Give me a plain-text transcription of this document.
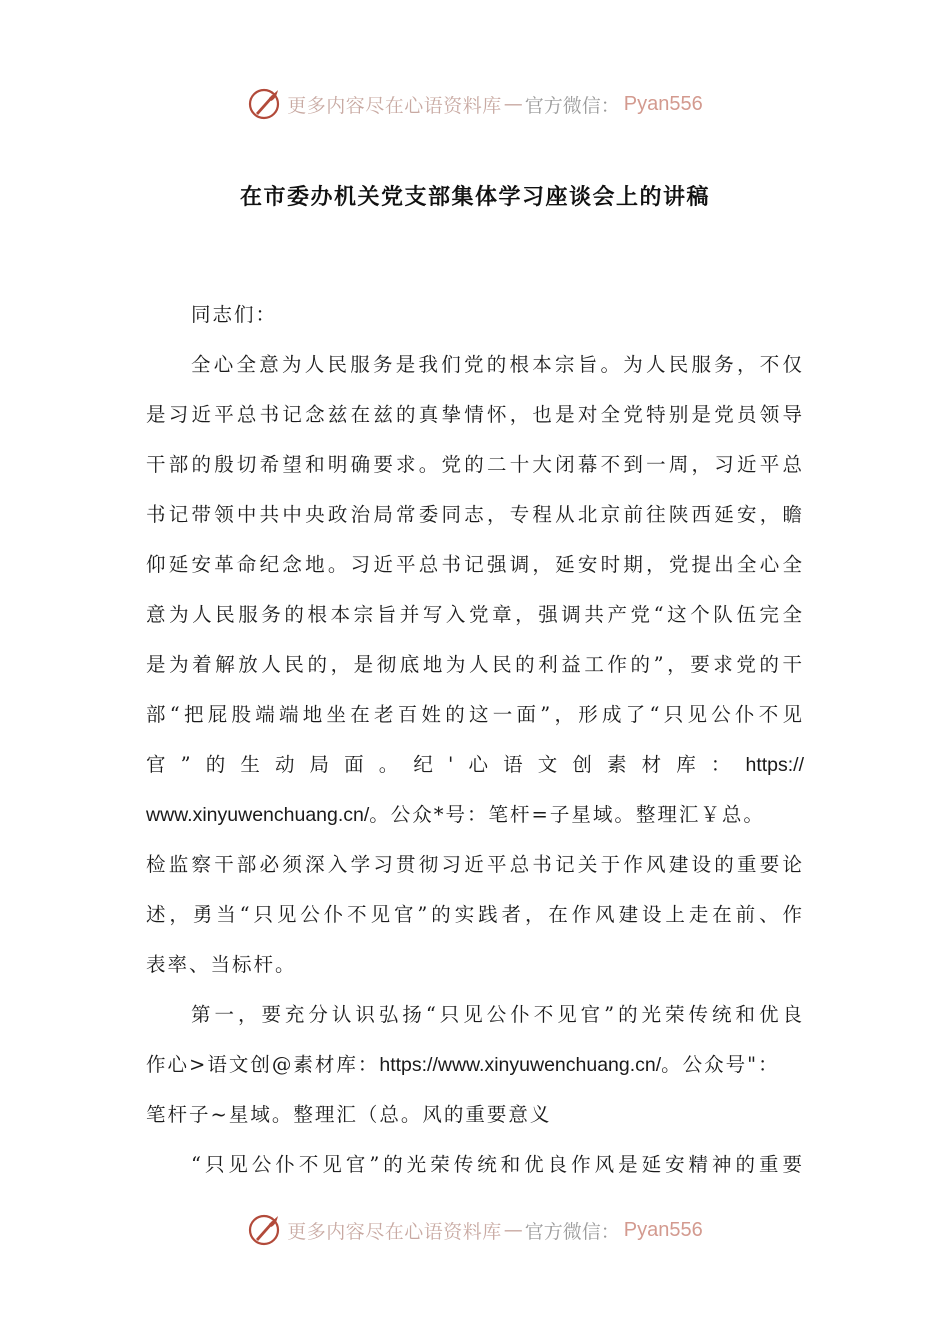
更多内容尽在心语资料库 — 官方微信： Pyan556
在市委办机关党支部集体学习座谈会上的讲稿
同志们：
全心全意为人民服务是我们党的根本宗旨。为人民服务，不仅
是习近平总书记念兹在兹的真挚情怀，也是对全党特别是党员领导
干部的殷切希望和明确要求。党的二十大闭幕不到一周，习近平总
书记带领中共中央政治局常委同志，专程从北京前往陕西延安，瞻
仰延安革命纪念地。习近平总书记强调，延安时期，党提出全心全
意为人民服务的根本宗旨并写入党章，强调共产党“这个队伍完全
是为着解放人民的，是彻底地为人民的利益工作的”，要求党的干
部“把屁股端端地坐在老百姓的这一面”，形成了“只见公仆不见
官”的生动局面。纪'心语文创素材库：https://
www.xinyuwenchuang.cn/。公众*号：笔杆=子星域。整理汇￥总。
检监察干部必须深入学习贯彻习近平总书记关于作风建设的重要论
述，勇当“只见公仆不见官”的实践者，在作风建设上走在前、作
表率、当标杆。
第一，要充分认识弘扬“只见公仆不见官”的光荣传统和优良
作心>语文创@素材库：https://www.xinyuwenchuang.cn/。公众号"：
笔杆子~星域。整理汇（总。风的重要意义
“只见公仆不见官”的光荣传统和优良作风是延安精神的重要
更多内容尽在心语资料库 — 官方微信： Pyan556
